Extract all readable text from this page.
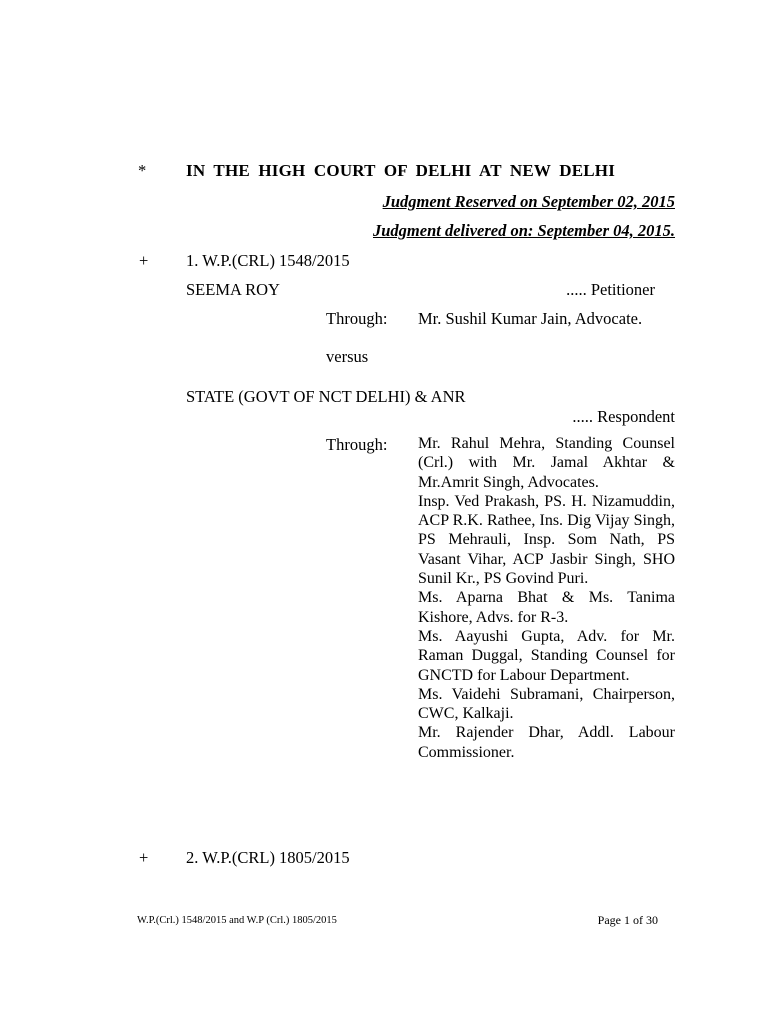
* IN THE HIGH COURT OF DELHI AT NEW DELHI
Judgment Reserved on September 02, 2015
Judgment delivered on: September 04, 2015.
+ 1. W.P.(CRL) 1548/2015
SEEMA ROY	..... Petitioner
Through: Mr. Sushil Kumar Jain, Advocate.
versus
STATE (GOVT OF NCT DELHI) & ANR
..... Respondent
Through: Mr. Rahul Mehra, Standing Counsel (Crl.) with Mr. Jamal Akhtar & Mr.Amrit Singh, Advocates.

Insp. Ved Prakash, PS. H. Nizamuddin, ACP R.K. Rathee, Ins. Dig Vijay Singh, PS Mehrauli, Insp. Som Nath, PS Vasant Vihar, ACP Jasbir Singh, SHO Sunil Kr., PS Govind Puri.

Ms. Aparna Bhat & Ms. Tanima Kishore, Advs. for R-3.

Ms. Aayushi Gupta, Adv. for Mr. Raman Duggal, Standing Counsel for GNCTD for Labour Department.

Ms. Vaidehi Subramani, Chairperson, CWC, Kalkaji.

Mr. Rajender Dhar, Addl. Labour Commissioner.

+ 2. W.P.(CRL) 1805/2015
W.P.(Crl.) 1548/2015 and W.P (Crl.) 1805/2015	Page 1 of 30
